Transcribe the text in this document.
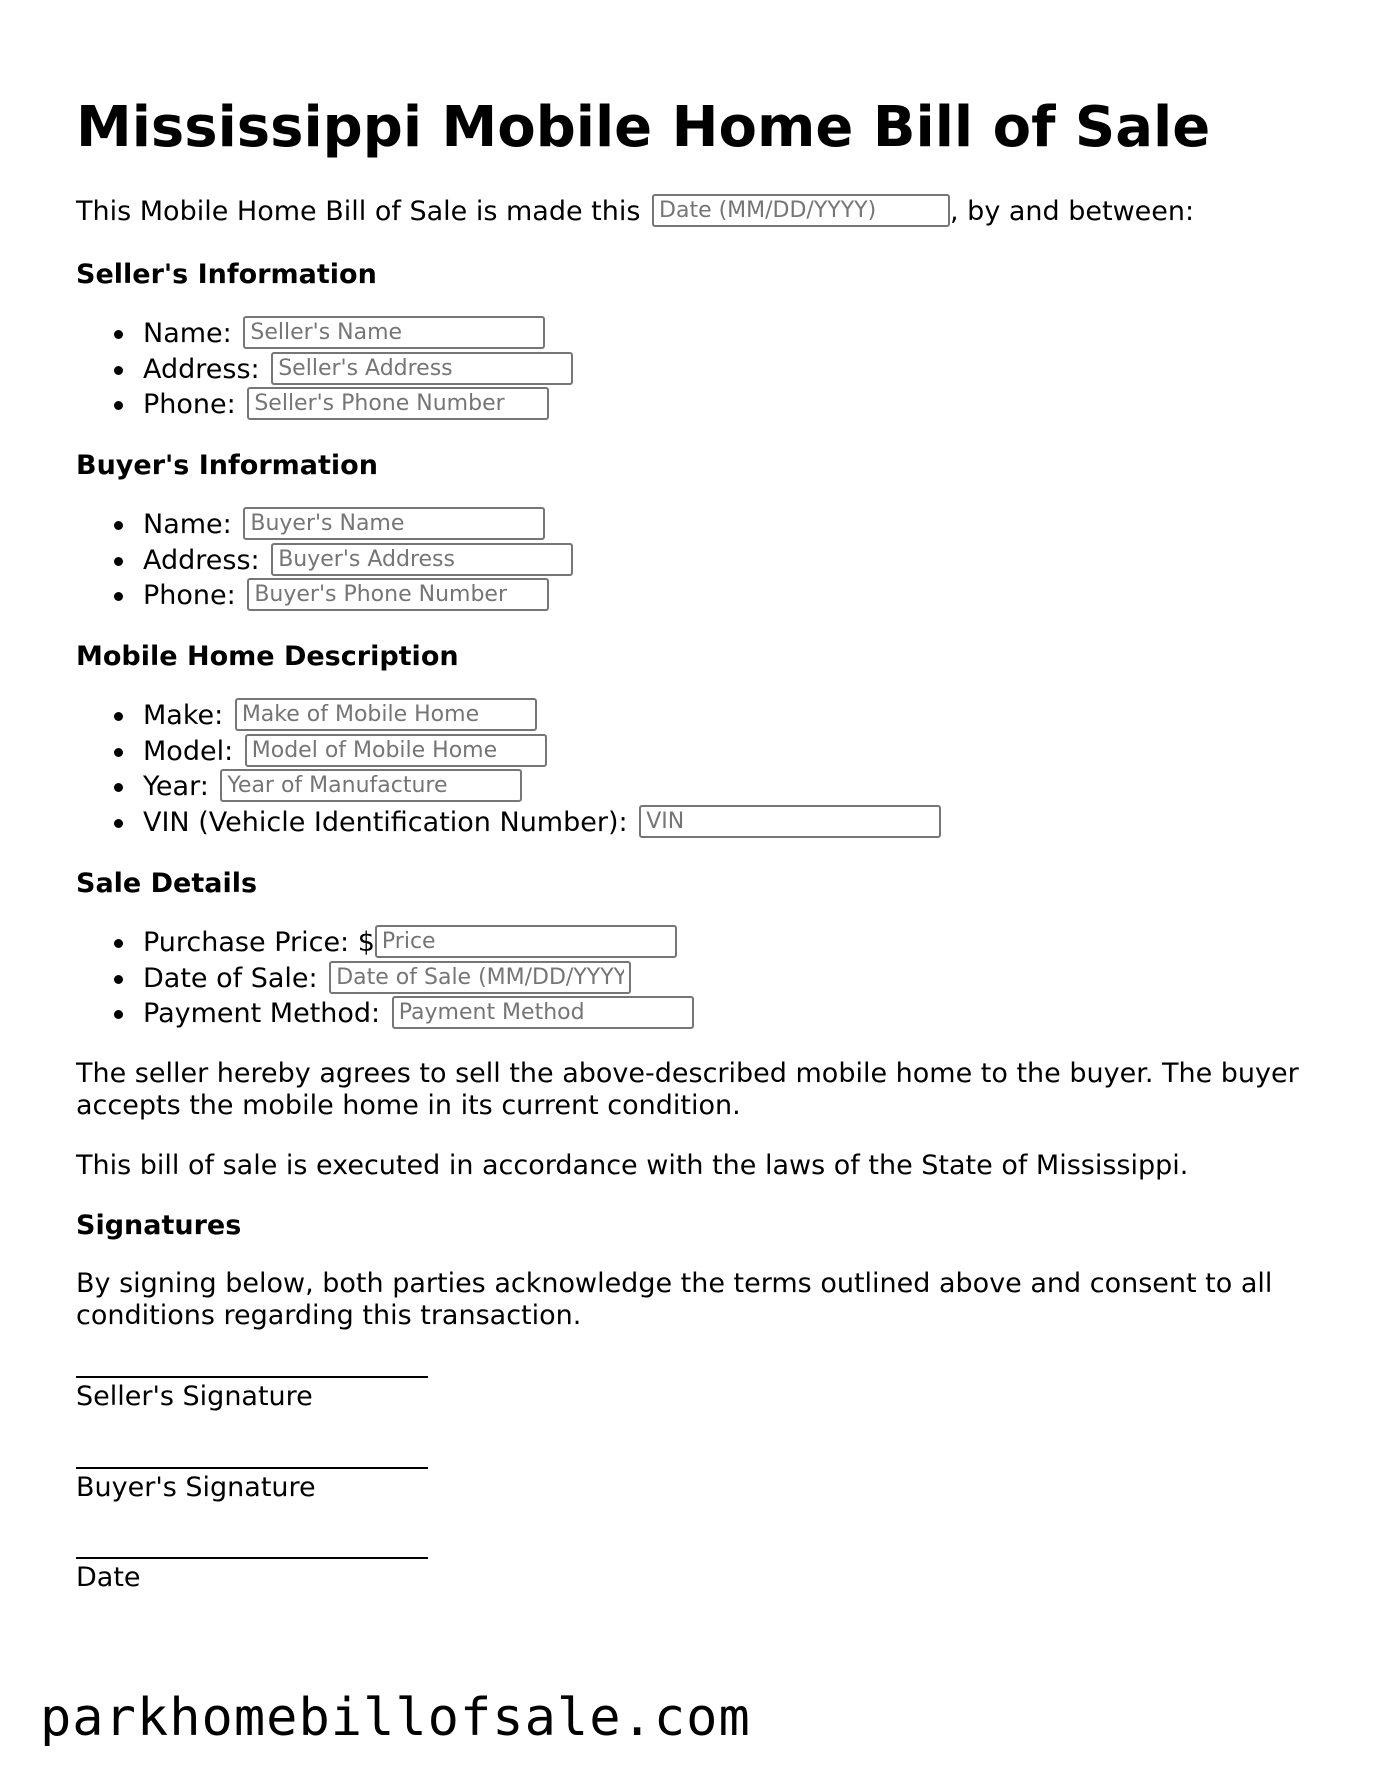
Mississippi Mobile Home Bill of Sale
This Mobile Home Bill of Sale is made this Date (MM/DD/YYYY)	, by and between:
Seller's Information
Name: Seller's Name
Address: Seller's Address
Phone: Seller's Phone Number
Buyer's Information
Name: Buyer's Name
Address: Buyer's Address
Phone: Buyer's Phone Number
Mobile Home Description
Make: Make of Mobile Home
Model: Model of Mobile Home
Year: Year of Manufacture
VIN (Vehicle Identification Number): VIN
Sale Details
Purchase Price: $Price
Date of Sale: Date of Sale (MM/DD/YYYY)
Payment Method: Payment Method
The seller hereby agrees to sell the above-described mobile home to the buyer. The buyer accepts the mobile home in its current condition.
This bill of sale is executed in accordance with the laws of the State of Mississippi.
Signatures
By signing below, both parties acknowledge the terms outlined above and consent to all conditions regarding this transaction.
Seller's Signature
Buyer's Signature
Date
parkhomebillofsale.com
